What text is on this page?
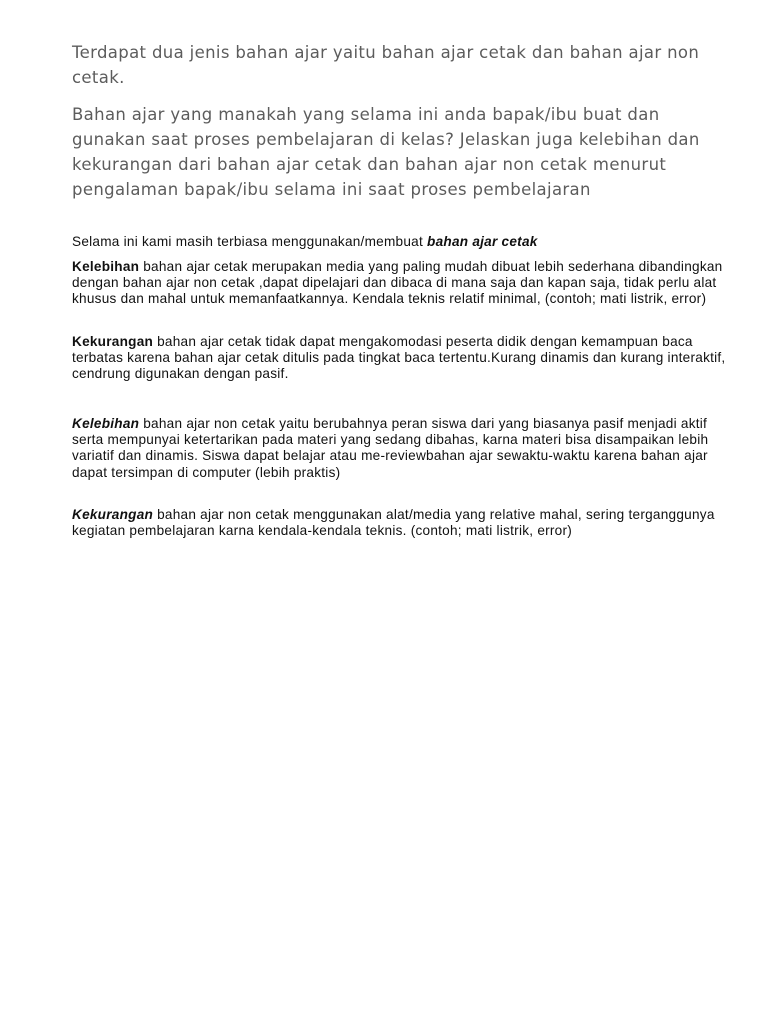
Terdapat dua jenis bahan ajar yaitu bahan ajar cetak dan bahan ajar non cetak.

Bahan ajar yang manakah yang selama ini anda bapak/ibu buat dan gunakan saat proses pembelajaran di kelas? Jelaskan juga kelebihan dan kekurangan dari bahan ajar cetak dan bahan ajar non cetak menurut pengalaman bapak/ibu selama ini saat proses pembelajaran

Selama ini kami masih terbiasa menggunakan/membuat bahan ajar cetak

Kelebihan bahan ajar cetak merupakan media yang paling mudah dibuat lebih sederhana dibandingkan dengan bahan ajar non cetak ,dapat dipelajari dan dibaca di mana saja dan kapan saja, tidak perlu alat khusus dan mahal untuk memanfaatkannya. Kendala teknis relatif minimal, (contoh; mati listrik, error)

Kekurangan bahan ajar cetak tidak dapat mengakomodasi peserta didik dengan kemampuan baca terbatas karena bahan ajar cetak ditulis pada tingkat baca tertentu.Kurang dinamis dan kurang interaktif, cendrung digunakan dengan pasif.

Kelebihan bahan ajar non cetak yaitu berubahnya peran siswa dari yang biasanya pasif menjadi aktif serta mempunyai ketertarikan pada materi yang sedang dibahas, karna materi bisa disampaikan lebih variatif dan dinamis. Siswa dapat belajar atau me-reviewbahan ajar sewaktu-waktu karena bahan ajar dapat tersimpan di computer (lebih praktis)

Kekurangan bahan ajar non cetak menggunakan alat/media yang relative mahal, sering terganggunya kegiatan pembelajaran karna kendala-kendala teknis. (contoh; mati listrik, error)
